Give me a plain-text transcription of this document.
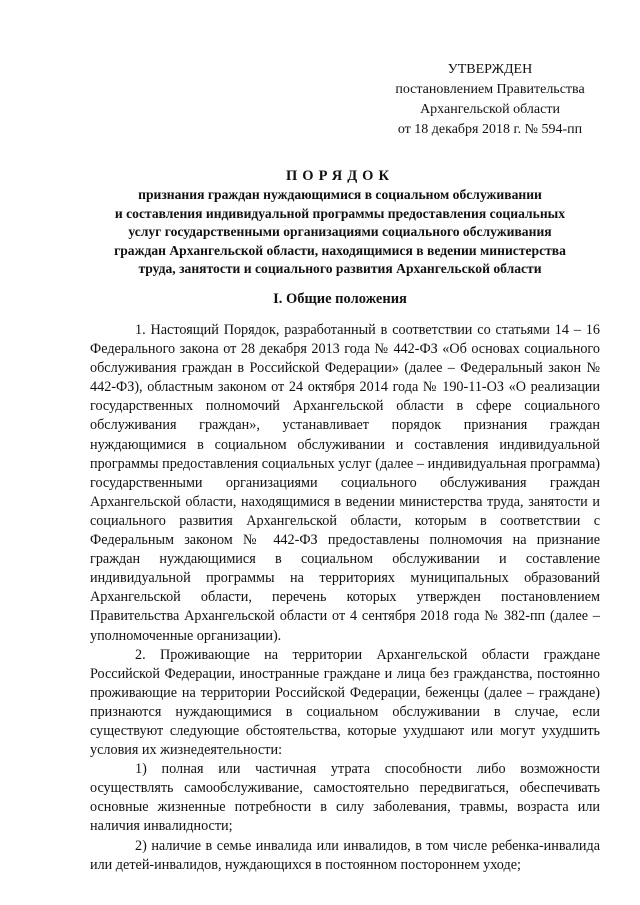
УТВЕРЖДЕН
постановлением Правительства
Архангельской области
от 18 декабря 2018 г. № 594-пп
ПОРЯДОК
признания граждан нуждающимися в социальном обслуживании
и составления индивидуальной программы предоставления социальных
услуг государственными организациями социального обслуживания
граждан Архангельской области, находящимися в ведении министерства
труда, занятости и социального развития Архангельской области
I. Общие положения

1. Настоящий Порядок, разработанный в соответствии со статьями 14 – 16 Федерального закона от 28 декабря 2013 года № 442-ФЗ «Об основах социального обслуживания граждан в Российской Федерации» (далее – Федеральный закон № 442-ФЗ), областным законом от 24 октября 2014 года № 190-11-ОЗ «О реализации государственных полномочий Архангельской области в сфере социального обслуживания граждан», устанавливает порядок признания граждан нуждающимися в социальном обслуживании и составления индивидуальной программы предоставления социальных услуг (далее – индивидуальная программа) государственными организациями социального обслуживания граждан Архангельской области, находящимися в ведении министерства труда, занятости и социального развития Архангельской области, которым в соответствии с Федеральным законом № 442-ФЗ предоставлены полномочия на признание граждан нуждающимися в социальном обслуживании и составление индивидуальной программы на территориях муниципальных образований Архангельской области, перечень которых утвержден постановлением Правительства Архангельской области от 4 сентября 2018 года № 382-пп (далее – уполномоченные организации).

2. Проживающие на территории Архангельской области граждане Российской Федерации, иностранные граждане и лица без гражданства, постоянно проживающие на территории Российской Федерации, беженцы (далее – граждане) признаются нуждающимися в социальном обслуживании в случае, если существуют следующие обстоятельства, которые ухудшают или могут ухудшить условия их жизнедеятельности:

1) полная или частичная утрата способности либо возможности осуществлять самообслуживание, самостоятельно передвигаться, обеспечивать основные жизненные потребности в силу заболевания, травмы, возраста или наличия инвалидности;

2) наличие в семье инвалида или инвалидов, в том числе ребенка-инвалида или детей-инвалидов, нуждающихся в постоянном постороннем уходе;
